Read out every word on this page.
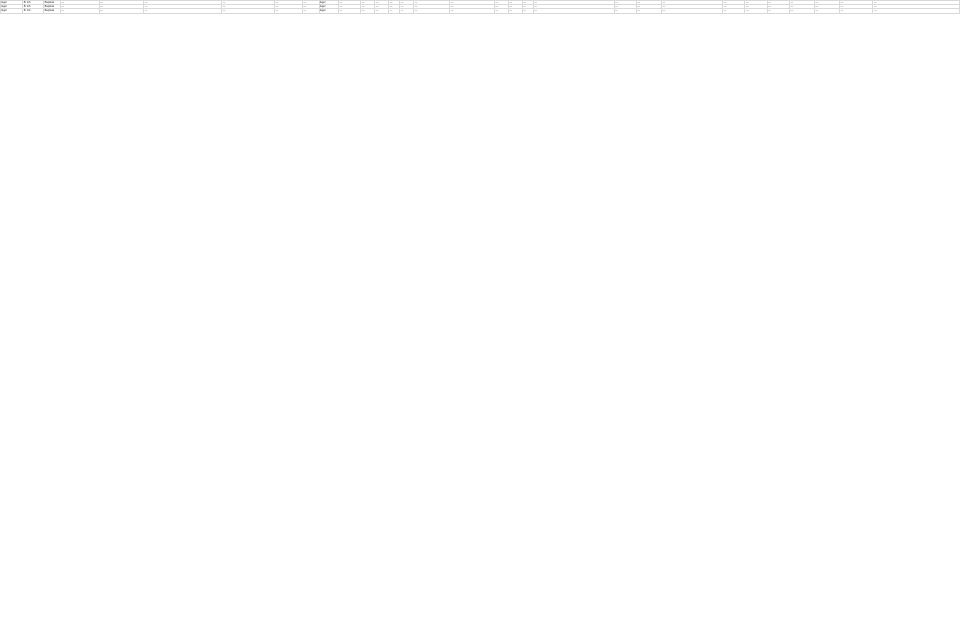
Eger	B. 1/b	Baptista	—	—	—	—	—	—	Eger	—	—	—	—	—	—	—	—	—	—	—	—	—	—	—	—	—	—	—	—	—
Eger	B. 1/b	Baptista	—	—	—	—	—	—	Eger	—	—	—	—	—	—	—	—	—	—	—	—	—	—	—	—	—	—	—	—	—
Eger	B. 1/b	Baptista	—	—	—	—	—	—	Eger	—	—	—	—	—	—	—	—	—	—	—	—	—	—	—	—	—	—	—	—	—
